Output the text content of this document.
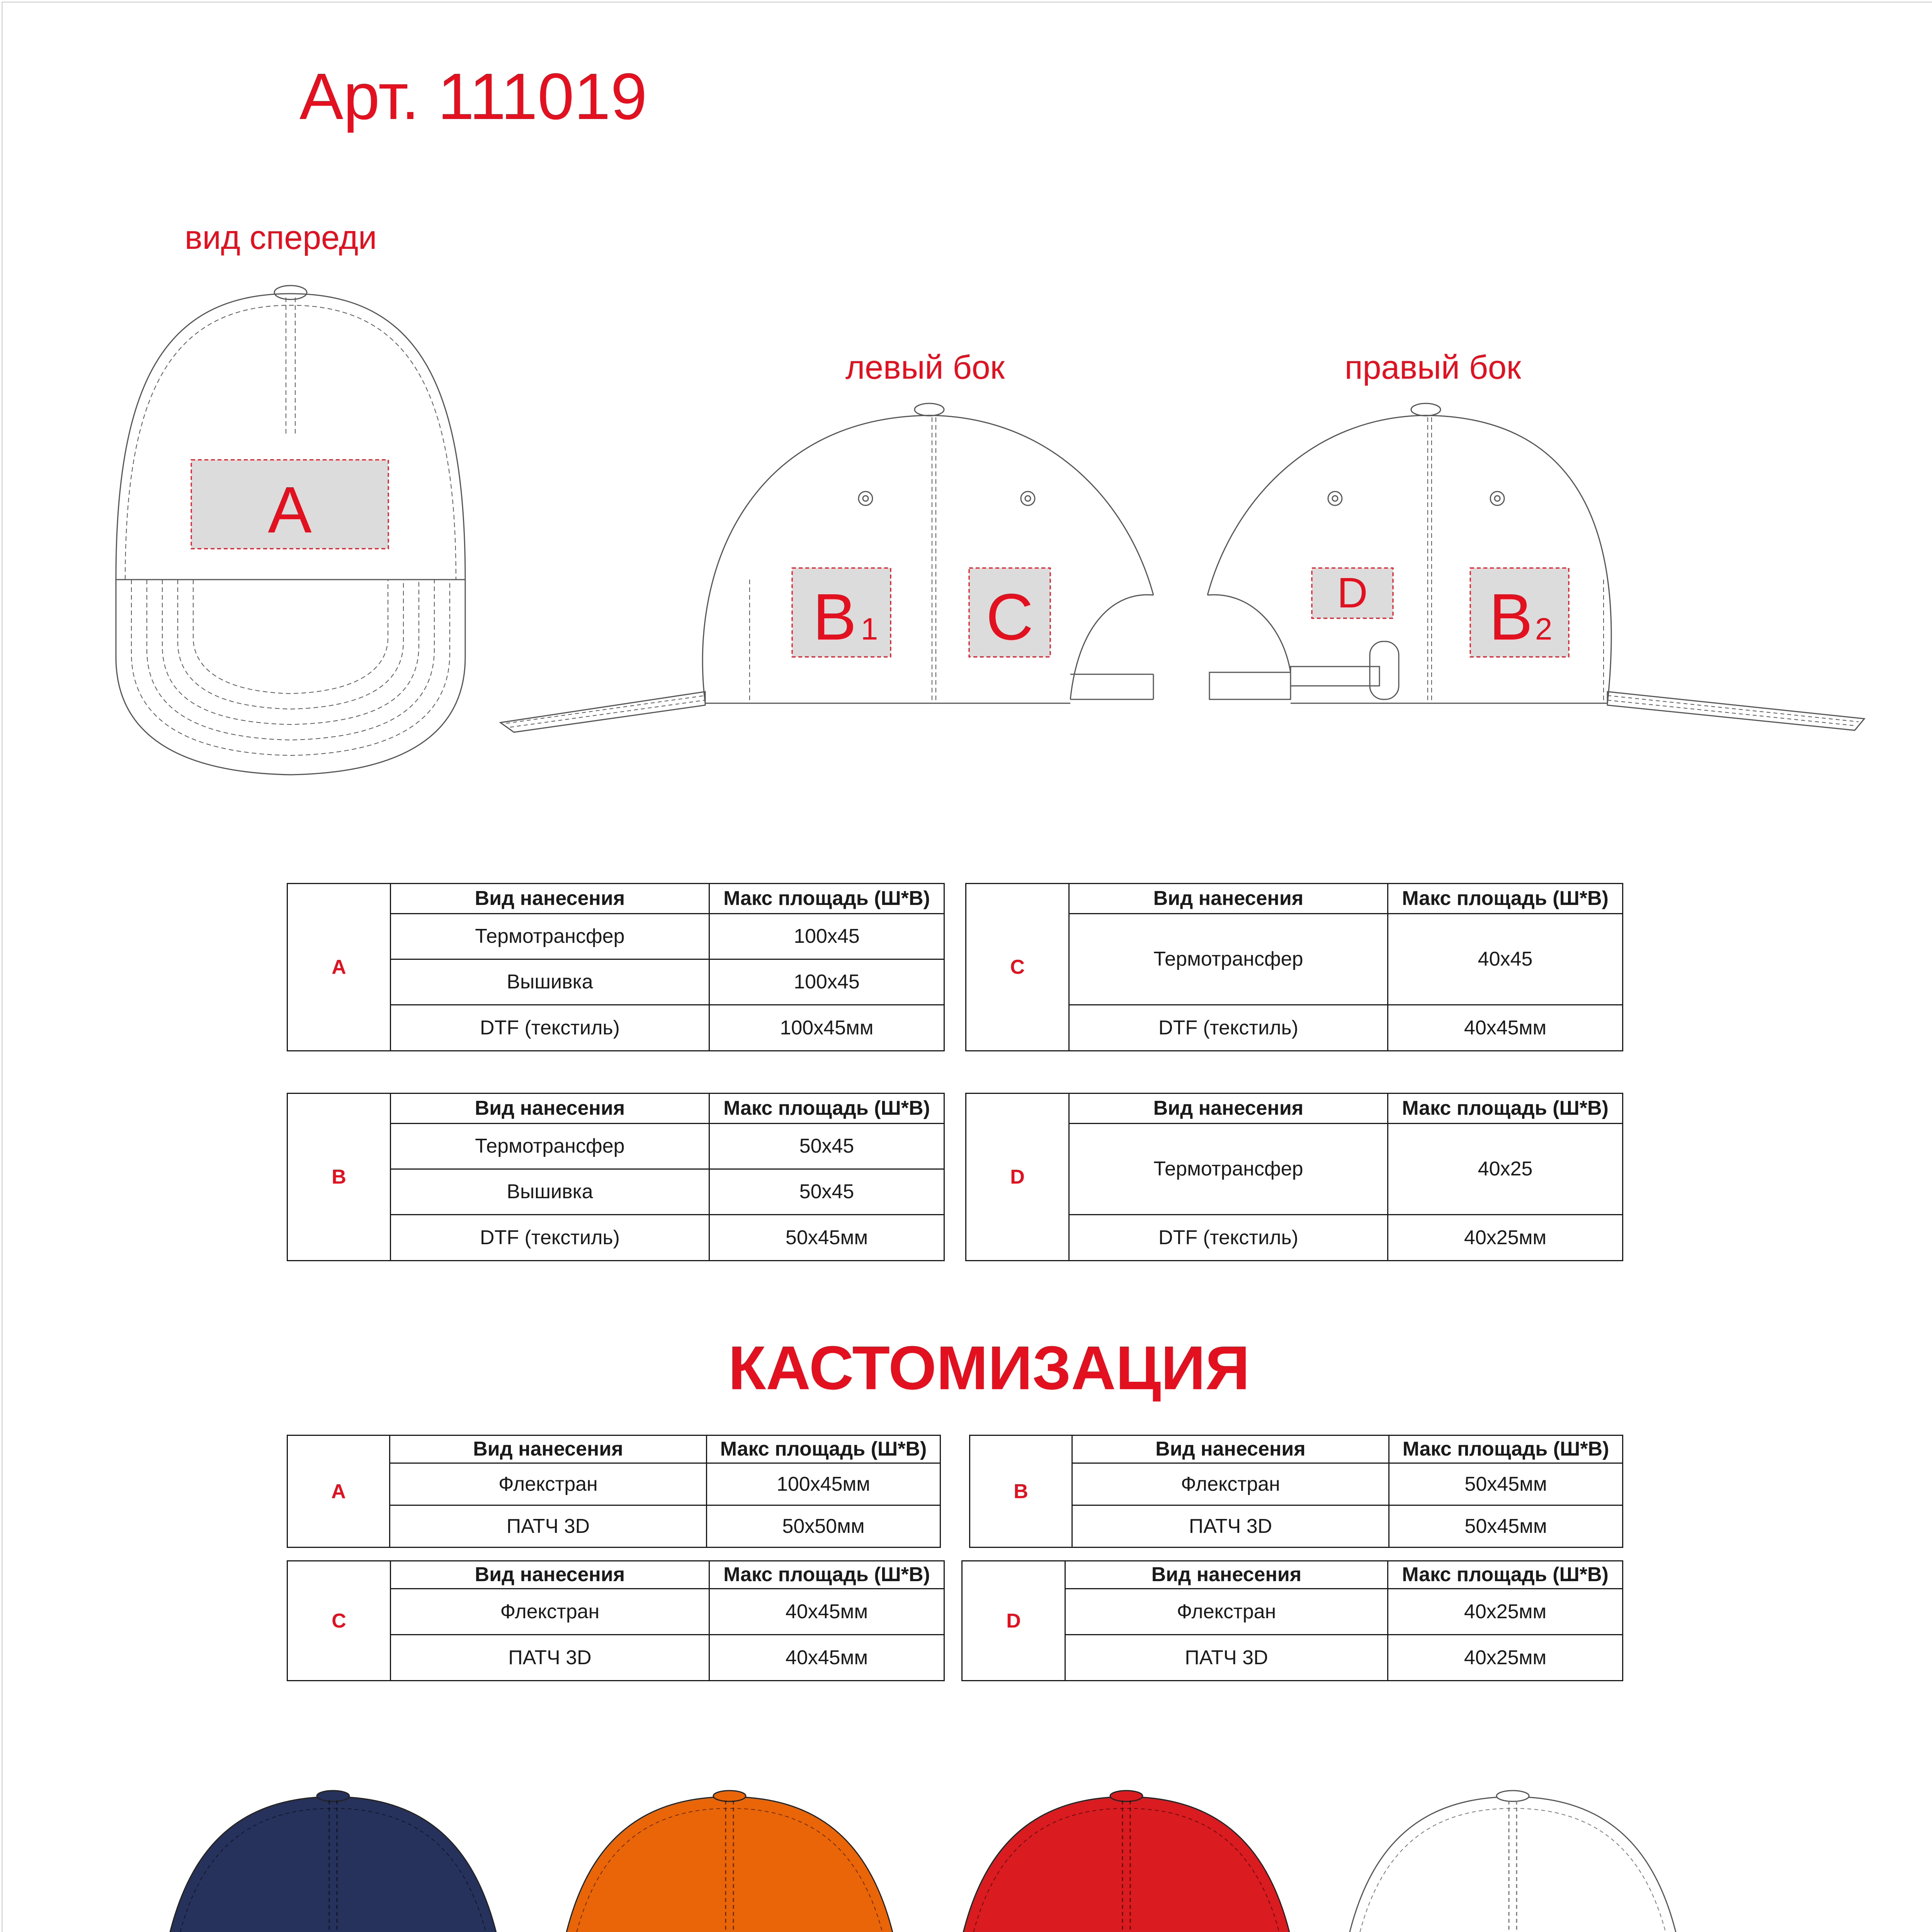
Арт. 111019
вид спереди
левый бок	правый бок
A
B 1 C	D B 2
A	Вид нанесения	Макс площадь (Ш*В)
	Термотрансфер	100x45
	Вышивка	100x45
	DTF (текстиль)	100x45мм
C	Вид нанесения	Макс площадь (Ш*В)
	Термотрансфер	40x45
	DTF (текстиль)	40x45мм
B	Вид нанесения	Макс площадь (Ш*В)
	Термотрансфер	50x45
	Вышивка	50x45
	DTF (текстиль)	50x45мм
D	Вид нанесения	Макс площадь (Ш*В)
	Термотрансфер	40x25
	DTF (текстиль)	40x25мм
КАСТОМИЗАЦИЯ
A	Вид нанесения	Макс площадь (Ш*В)
	Флекстран	100x45мм
	ПАТЧ 3D	50x50мм
B	Вид нанесения	Макс площадь (Ш*В)
	Флекстран	50x45мм
	ПАТЧ 3D	50x45мм
C	Вид нанесения	Макс площадь (Ш*В)
	Флекстран	40x45мм
	ПАТЧ 3D	40x45мм
D	Вид нанесения	Макс площадь (Ш*В)
	Флекстран	40x25мм
	ПАТЧ 3D	40x25мм
